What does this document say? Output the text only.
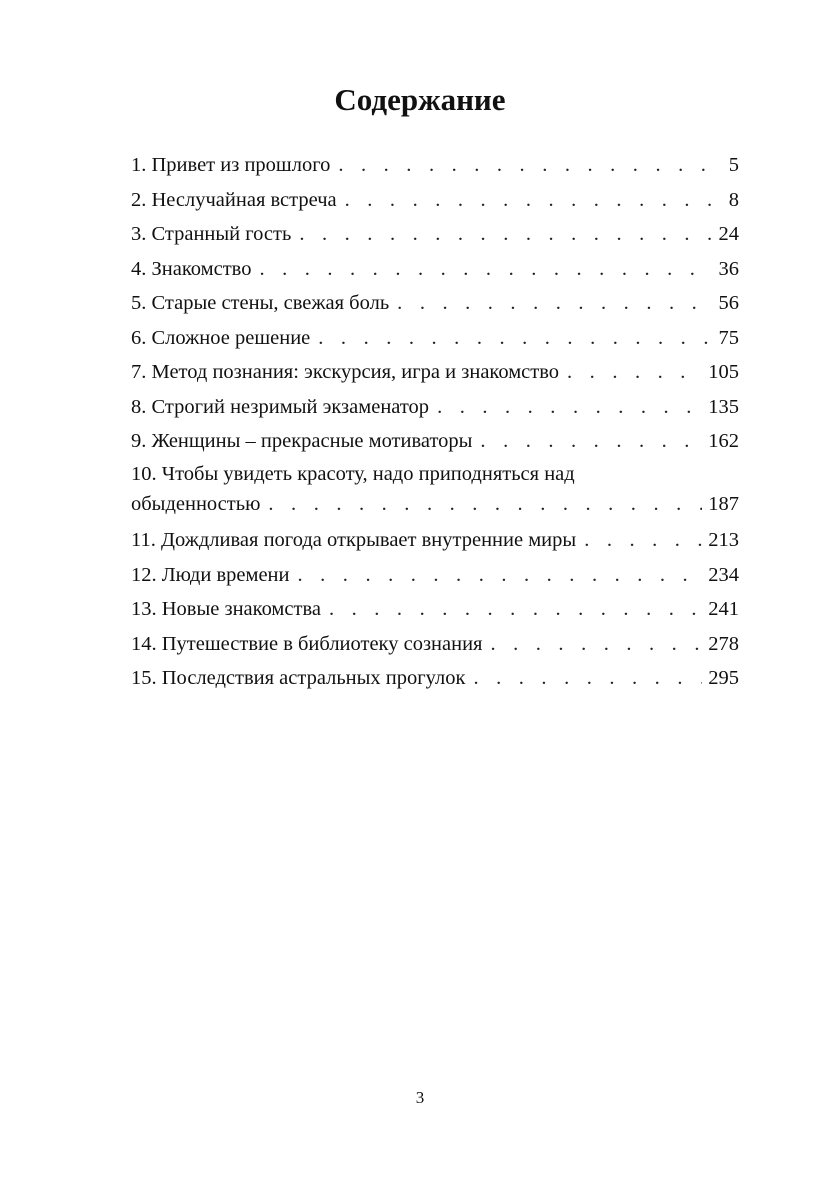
Содержание
1. Привет из прошлого . . .	5
2. Неслучайная встреча . . .	8
3. Странный гость . . .	24
4. Знакомство . . .	36
5. Старые стены, свежая боль . . .	56
6. Сложное решение . . .	75
7. Метод познания: экскурсия, игра и знакомство . . .	105
8. Строгий незримый экзаменатор . . .	135
9. Женщины – прекрасные мотиваторы . . .	162
10. Чтобы увидеть красоту, надо приподняться над
обыденностью . . .	187
11. Дождливая погода открывает внутренние миры . . .	213
12. Люди времени . . .	234
13. Новые знакомства . . .	241
14. Путешествие в библиотеку сознания . . .	278
15. Последствия астральных прогулок . . .	295
3
